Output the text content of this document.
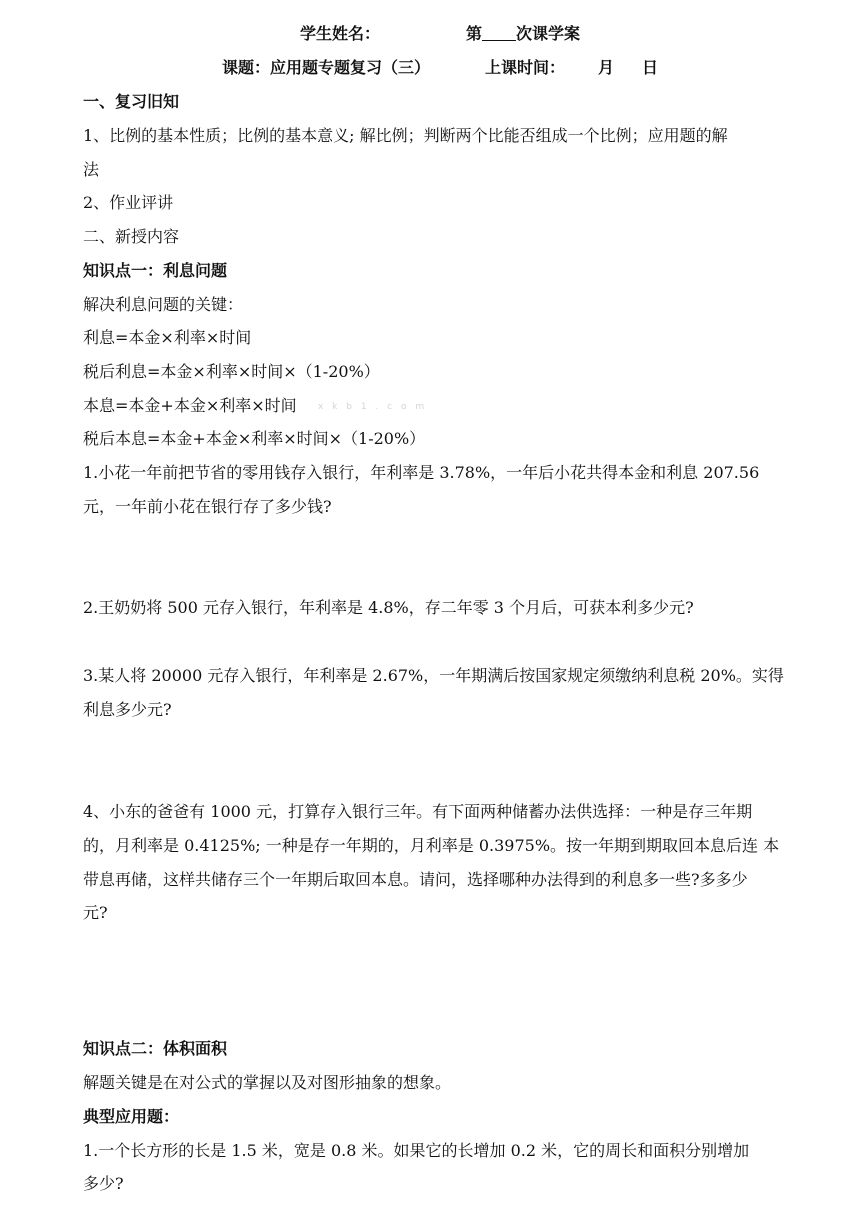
学生姓名：	第 次课学案
课题：应用题专题复习（三）	上课时间： 月 日
一、复习旧知
1、比例的基本性质；比例的基本意义; 解比例；判断两个比能否组成一个比例；应用题的解
法
2、作业评讲
二、新授内容
知识点一：利息问题
解决利息问题的关键：
利息=本金×利率×时间
税后利息=本金×利率×时间×（1-20%）
本息=本金+本金×利率×时间	x k b 1 . c o m
税后本息=本金+本金×利率×时间×（1-20%）
1.小花一年前把节省的零用钱存入银行，年利率是 3.78%，一年后小花共得本金和利息 207.56
元，一年前小花在银行存了多少钱?
2.王奶奶将 500 元存入银行，年利率是 4.8%，存二年零 3 个月后，可获本利多少元?
3.某人将 20000 元存入银行，年利率是 2.67%，一年期满后按国家规定须缴纳利息税 20%。实得
利息多少元?
4、小东的爸爸有 1000 元，打算存入银行三年。有下面两种储蓄办法供选择：一种是存三年期
的，月利率是 0.4125%; 一种是存一年期的，月利率是 0.3975%。按一年期到期取回本息后连 本
带息再储，这样共储存三个一年期后取回本息。请问，选择哪种办法得到的利息多一些?多多少
元?
知识点二：体积面积
解题关键是在对公式的掌握以及对图形抽象的想象。
典型应用题：
1.一个长方形的长是 1.5 米，宽是 0.8 米。如果它的长增加 0.2 米，它的周长和面积分别增加
多少?
